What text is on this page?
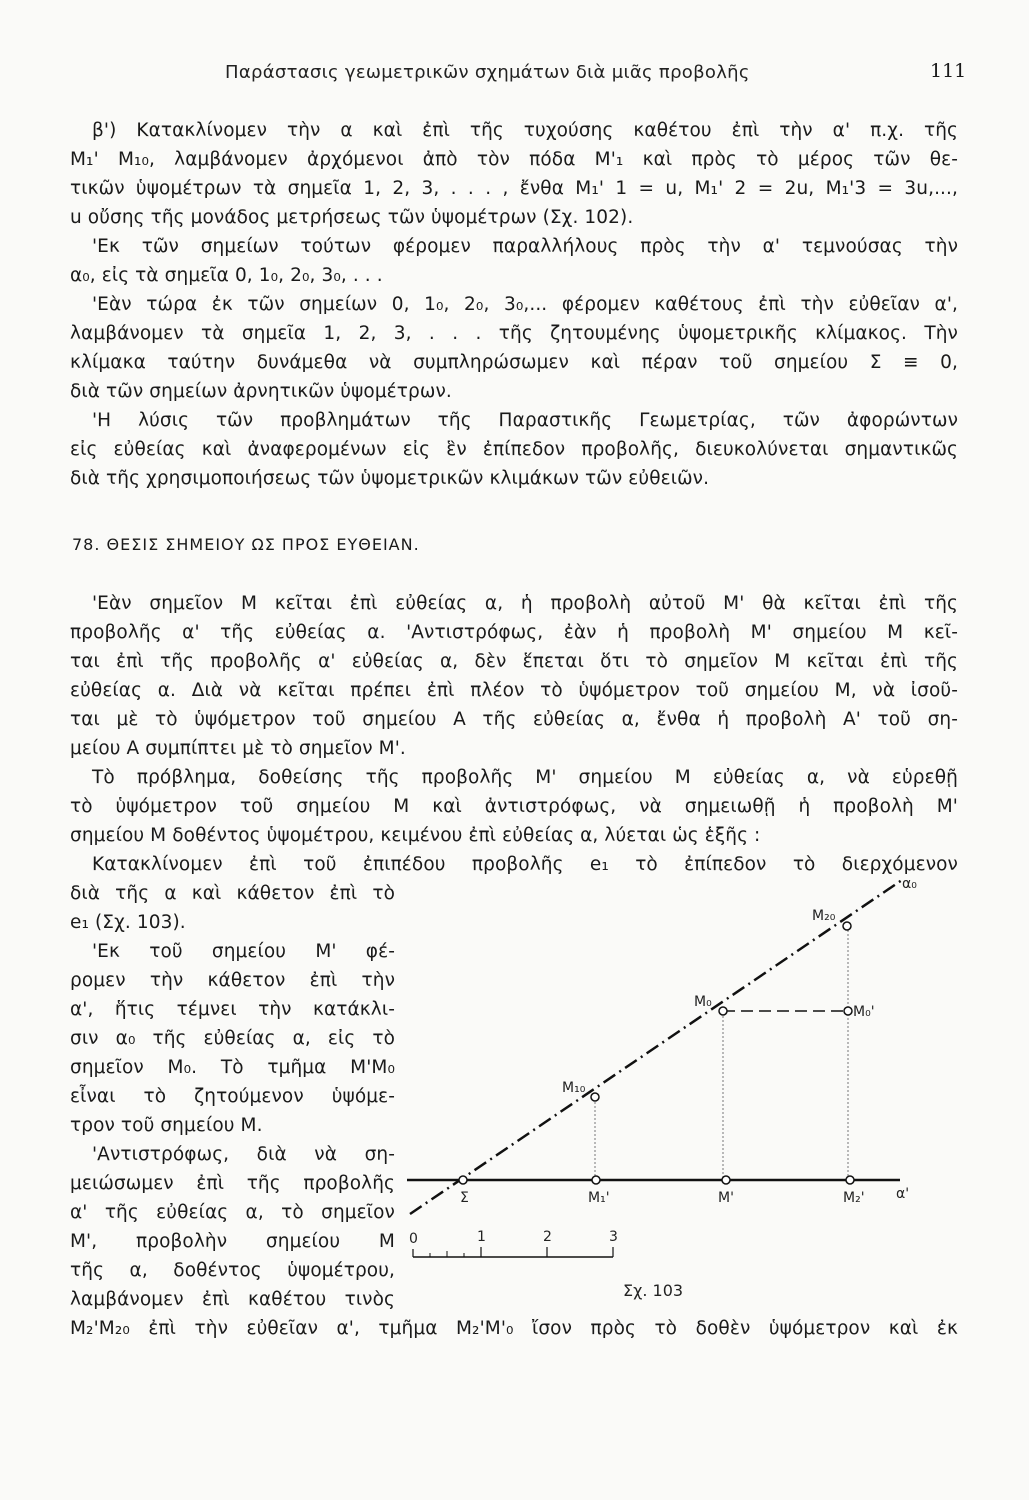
Παράστασις γεωμετρικῶν σχημάτων διὰ μιᾶς προβολῆς	111
β') Κατακλίνομεν τὴν α καὶ ἐπὶ τῆς τυχούσης καθέτου ἐπὶ τὴν α' π.χ. τῆς
M₁' M₁₀, λαμβάνομεν ἀρχόμενοι ἀπὸ τὸν πόδα M'₁ καὶ πρὸς τὸ μέρος τῶν θε-
τικῶν ὑψομέτρων τὰ σημεῖα 1, 2, 3, . . . , ἔνθα M₁' 1 = u, M₁' 2 = 2u, M₁'3 = 3u,...,
u οὔσης τῆς μονάδος μετρήσεως τῶν ὑψομέτρων (Σχ. 102).
'Εκ τῶν σημείων τούτων φέρομεν παραλλήλους πρὸς τὴν α' τεμνούσας τὴν
α₀, εἰς τὰ σημεῖα 0, 1₀, 2₀, 3₀, . . .
'Εὰν τώρα ἐκ τῶν σημείων 0, 1₀, 2₀, 3₀,... φέρομεν καθέτους ἐπὶ τὴν εὐθεῖαν α',
λαμβάνομεν τὰ σημεῖα 1, 2, 3, . . . τῆς ζητουμένης ὑψομετρικῆς κλίμακος. Τὴν
κλίμακα ταύτην δυνάμεθα νὰ συμπληρώσωμεν καὶ πέραν τοῦ σημείου Σ ≡ 0,
διὰ τῶν σημείων ἀρνητικῶν ὑψομέτρων.
'Η λύσις τῶν προβλημάτων τῆς Παραστικῆς Γεωμετρίας, τῶν ἀφορώντων
εἰς εὐθείας καὶ ἀναφερομένων εἰς ἓν ἐπίπεδον προβολῆς, διευκολύνεται σημαντικῶς
διὰ τῆς χρησιμοποιήσεως τῶν ὑψομετρικῶν κλιμάκων τῶν εὐθειῶν.
'Εὰν σημεῖον M κεῖται ἐπὶ εὐθείας α, ἡ προβολὴ αὐτοῦ M' θὰ κεῖται ἐπὶ τῆς
προβολῆς α' τῆς εὐθείας α. 'Αντιστρόφως, ἐὰν ἡ προβολὴ M' σημείου M κεῖ-
ται ἐπὶ τῆς προβολῆς α' εὐθείας α, δὲν ἕπεται ὅτι τὸ σημεῖον M κεῖται ἐπὶ τῆς
εὐθείας α. Διὰ νὰ κεῖται πρέπει ἐπὶ πλέον τὸ ὑψόμετρον τοῦ σημείου M, νὰ ἰσοῦ-
ται μὲ τὸ ὑψόμετρον τοῦ σημείου A τῆς εὐθείας α, ἔνθα ἡ προβολὴ A' τοῦ ση-
μείου A συμπίπτει μὲ τὸ σημεῖον M'.
Τὸ πρόβλημα, δοθείσης τῆς προβολῆς M' σημείου M εὐθείας α, νὰ εὑρεθῇ
τὸ ὑψόμετρον τοῦ σημείου M καὶ ἀντιστρόφως, νὰ σημειωθῇ ἡ προβολὴ M'
σημείου M δοθέντος ὑψομέτρου, κειμένου ἐπὶ εὐθείας α, λύεται ὡς ἑξῆς :
Κατακλίνομεν ἐπὶ τοῦ ἐπιπέδου προβολῆς e₁ τὸ ἐπίπεδον τὸ διερχόμενον
διὰ τῆς α καὶ κάθετον ἐπὶ τὸ
e₁ (Σχ. 103).
'Εκ τοῦ σημείου M' φέ-
ρομεν τὴν κάθετον ἐπὶ τὴν
α', ἥτις τέμνει τὴν κατάκλι-
σιν α₀ τῆς εὐθείας α, εἰς τὸ
σημεῖον M₀. Τὸ τμῆμα M'M₀
εἶναι τὸ ζητούμενον ὑψόμε-
τρον τοῦ σημείου M.
'Αντιστρόφως, διὰ νὰ ση-
μειώσωμεν ἐπὶ τῆς προβολῆς
α' τῆς εὐθείας α, τὸ σημεῖον
M', προβολὴν σημείου M
τῆς α, δοθέντος ὑψομέτρου,
λαμβάνομεν ἐπὶ καθέτου τινὸς
M₂'M₂₀ ἐπὶ τὴν εὐθεῖαν α', τμῆμα M₂'M'₀ ἴσον πρὸς τὸ δοθὲν ὑψόμετρον καὶ ἐκ
78. ΘΕΣΙΣ ΣΗΜΕΙΟΥ ΩΣ ΠΡΟΣ ΕΥΘΕΙΑΝ.
α₀
α'
M₂₀
M₀
M₀'
M₁₀
Σ	M₁'	M'	M₂'
0	1	2	3
Σχ. 103
